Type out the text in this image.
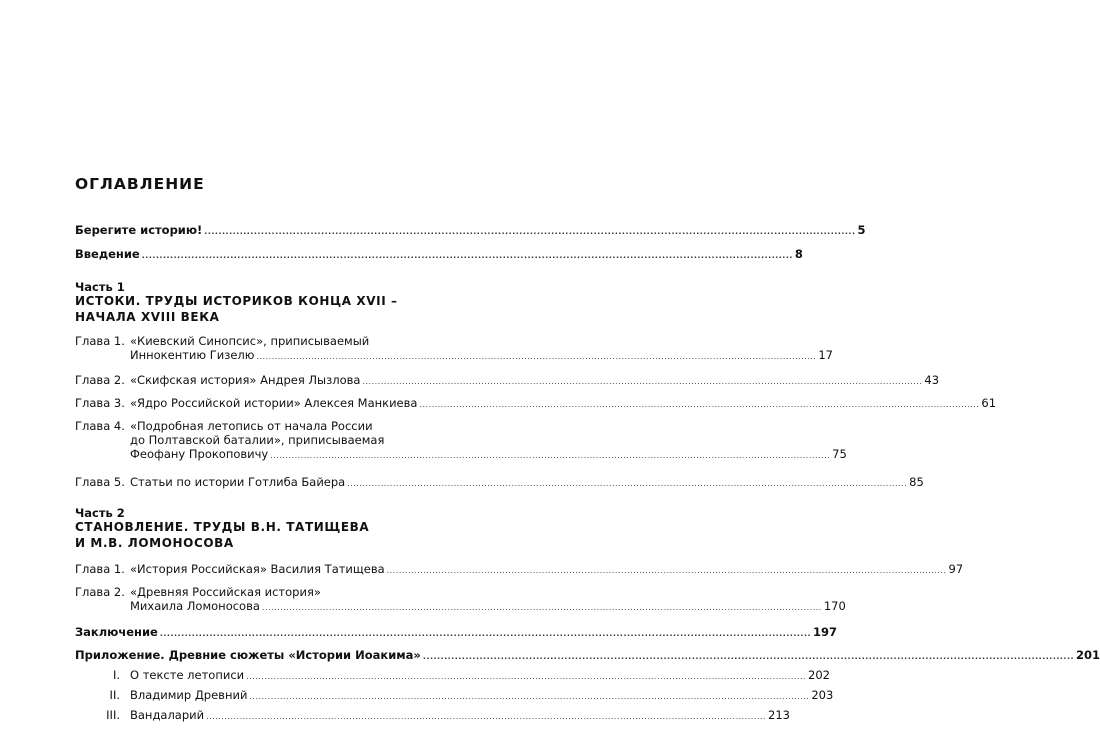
ОГЛАВЛЕНИЕ
Берегите историю! ........................................................................................................................................................................................ 5
Введение ........................................................................................................................................................................................ 8
Часть 1
ИСТОКИ. ТРУДЫ ИСТОРИКОВ КОНЦА XVII –
НАЧАЛА XVIII ВЕКА
Глава 1. «Киевский Синопсис», приписываемый
Иннокентию Гизелю ........................................................................................................................................................................................ 17
Глава 2. «Скифская история» Андрея Лызлова ........................................................................................................................................................................................ 43
Глава 3. «Ядро Российской истории» Алексея Манкиева ........................................................................................................................................................................................ 61
Глава 4. «Подробная летопись от начала России
до Полтавской баталии», приписываемая
Феофану Прокоповичу ........................................................................................................................................................................................ 75
Глава 5. Статьи по истории Готлиба Байера ........................................................................................................................................................................................ 85
Часть 2
СТАНОВЛЕНИЕ. ТРУДЫ В.Н. ТАТИЩЕВА
И М.В. ЛОМОНОСОВА
Глава 1. «История Российская» Василия Татищева ........................................................................................................................................................................................ 97
Глава 2. «Древняя Российская история»
Михаила Ломоносова ........................................................................................................................................................................................ 170
Заключение ........................................................................................................................................................................................ 197
Приложение. Древние сюжеты «Истории Иоакима» ........................................................................................................................................................................................ 201
I. О тексте летописи ........................................................................................................................................................................................ 202
II. Владимир Древний ........................................................................................................................................................................................ 203
III. Вандаларий ........................................................................................................................................................................................ 213
